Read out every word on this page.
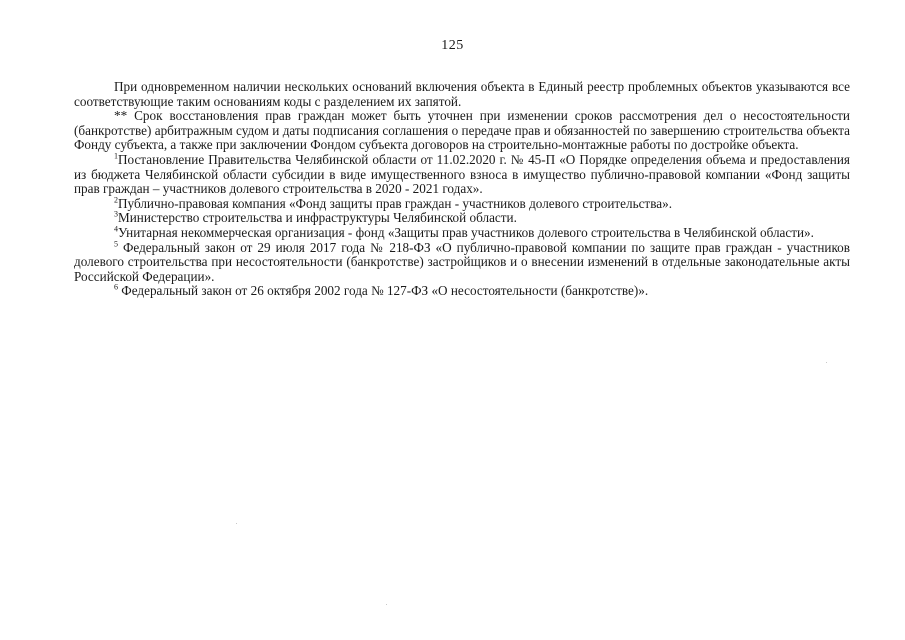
125

При одновременном наличии нескольких оснований включения объекта в Единый реестр проблемных объектов указываются все соответствующие таким основаниям коды с разделением их запятой.

** Срок восстановления прав граждан может быть уточнен при изменении сроков рассмотрения дел о несостоятельности (банкротстве) арбитражным судом и даты подписания соглашения о передаче прав и обязанностей по завершению строительства объекта Фонду субъекта, а также при заключении Фондом субъекта договоров на строительно-монтажные работы по достройке объекта.

$^1$Постановление Правительства Челябинской области от 11.02.2020 г. № 45-П «О Порядке определения объема и предоставления из бюджета Челябинской области субсидии в виде имущественного взноса в имущество публично-правовой компании «Фонд защиты прав граждан – участников долевого строительства в 2020 - 2021 годах».

$^2$Публично-правовая компания «Фонд защиты прав граждан - участников долевого строительства».

$^3$Министерство строительства и инфраструктуры Челябинской области.

$^4$Унитарная некоммерческая организация - фонд «Защиты прав участников долевого строительства в Челябинской области».

$^5$ Федеральный закон от 29 июля 2017 года № 218-ФЗ «О публично-правовой компании по защите прав граждан - участников долевого строительства при несостоятельности (банкротстве) застройщиков и о внесении изменений в отдельные законодательные акты Российской Федерации».

$^6$ Федеральный закон от 26 октября 2002 года № 127-ФЗ «О несостоятельности (банкротстве)».
